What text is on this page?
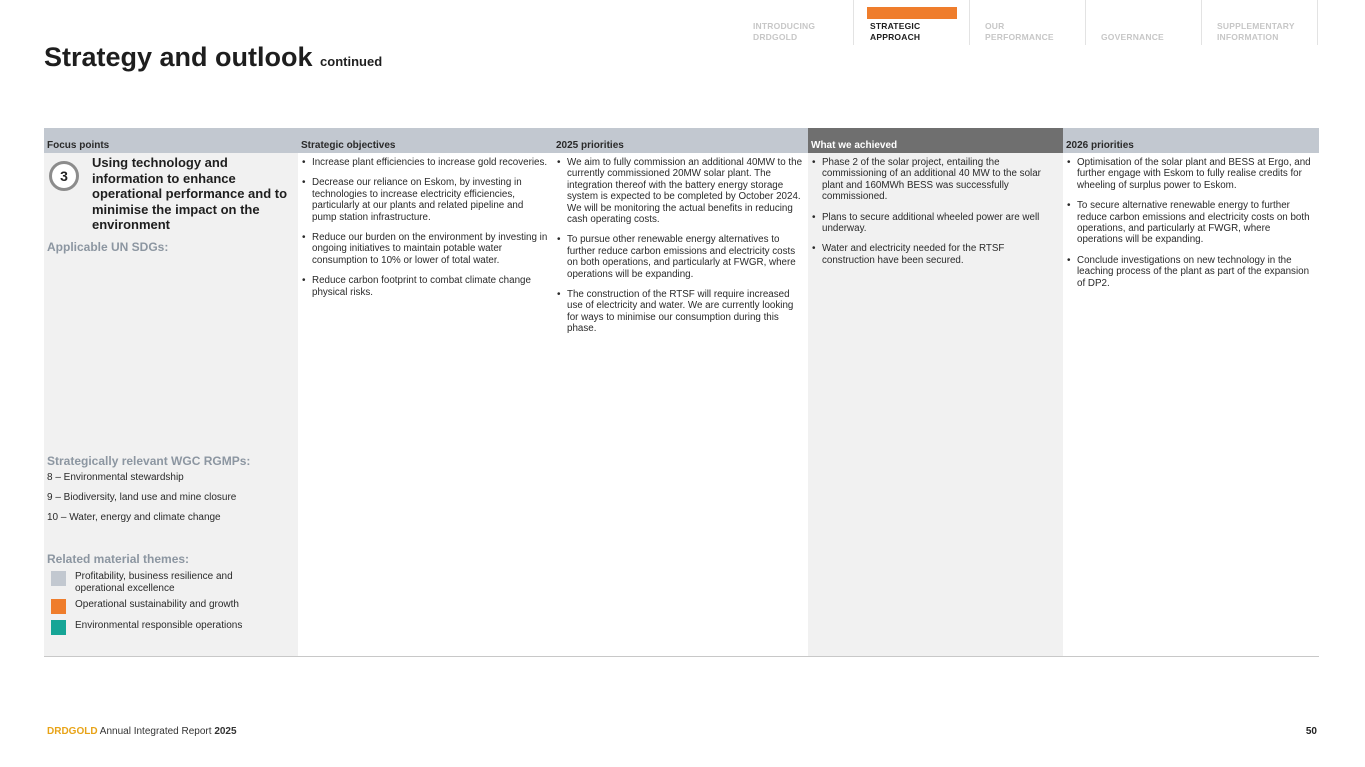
INTRODUCING
DRDGOLD
STRATEGIC
APPROACH
OUR
PERFORMANCE	GOVERNANCE
SUPPLEMENTARY
INFORMATION
Strategy and outlook continued
Focus points
3
Using technology and information to enhance operational performance and to minimise the impact on the environment
Applicable UN SDGs:
Strategically relevant WGC RGMPs:
8 – Environmental stewardship
9 – Biodiversity, land use and mine closure
10 – Water, energy and climate change
Related material themes:
Profitability, business resilience and operational excellence
Operational sustainability and growth
Environmental responsible operations
Strategic objectives
• Increase plant efficiencies to increase gold recoveries.
• Decrease our reliance on Eskom, by investing in technologies to increase electricity efficiencies, particularly at our plants and related pipeline and pump station infrastructure.
• Reduce our burden on the environment by investing in ongoing initiatives to maintain potable water consumption to 10% or lower of total water.
• Reduce carbon footprint to combat climate change physical risks.
2025 priorities
• We aim to fully commission an additional 40MW to the currently commissioned 20MW solar plant. The integration thereof with the battery energy storage system is expected to be completed by October 2024. We will be monitoring the actual benefits in reducing cash operating costs.
• To pursue other renewable energy alternatives to further reduce carbon emissions and electricity costs on both operations, and particularly at FWGR, where operations will be expanding.
• The construction of the RTSF will require increased use of electricity and water. We are currently looking for ways to minimise our consumption during this phase.
What we achieved
• Phase 2 of the solar project, entailing the commissioning of an additional 40 MW to the solar plant and 160MWh BESS was successfully commissioned.
• Plans to secure additional wheeled power are well underway.
• Water and electricity needed for the RTSF construction have been secured.
2026 priorities
• Optimisation of the solar plant and BESS at Ergo, and further engage with Eskom to fully realise credits for wheeling of surplus power to Eskom.
• To secure alternative renewable energy to further reduce carbon emissions and electricity costs on both operations, and particularly at FWGR, where operations will be expanding.
• Conclude investigations on new technology in the leaching process of the plant as part of the expansion of DP2.
DRDGOLD Annual Integrated Report 2025	50
